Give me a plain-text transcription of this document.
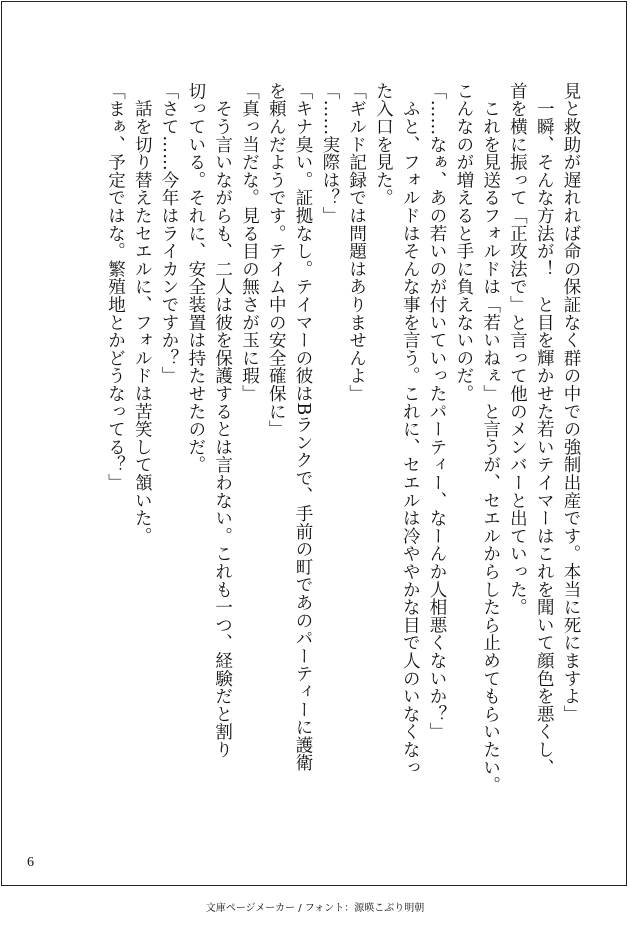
見と救助が遅れれば命の保証なく群の中での強制出産です。本当に死にますよ」
　一瞬、そんな方法が！　と目を輝かせた若いテイマーはこれを聞いて顔色を悪くし、
首を横に振って「正攻法で」と言って他のメンバーと出ていった。
　これを見送るフォルドは「若いねぇ」と言うが、セエルからしたら止めてもらいたい。
こんなのが増えると手に負えないのだ。
「……なぁ、あの若いのが付いていったパーティー、なーんか人相悪くないか？」
　ふと、フォルドはそんな事を言う。これに、セエルは冷ややかな目で人のいなくなっ
た入口を見た。
「ギルド記録では問題はありませんよ」
「……実際は？」
「キナ臭い。証拠なし。テイマーの彼はBランクで、手前の町であのパーティーに護衛
を頼んだようです。テイム中の安全確保に」
「真っ当だな。見る目の無さが玉に瑕」
　そう言いながらも、二人は彼を保護するとは言わない。これも一つ、経験だと割り
切っている。それに、安全装置は持たせたのだ。
「さて……今年はライカンですか？」
　話を切り替えたセエルに、フォルドは苦笑して頷いた。
「まぁ、予定ではな。繁殖地とかどうなってる？」
6
文庫ページメーカー / フォント：源暎こぶり明朝
